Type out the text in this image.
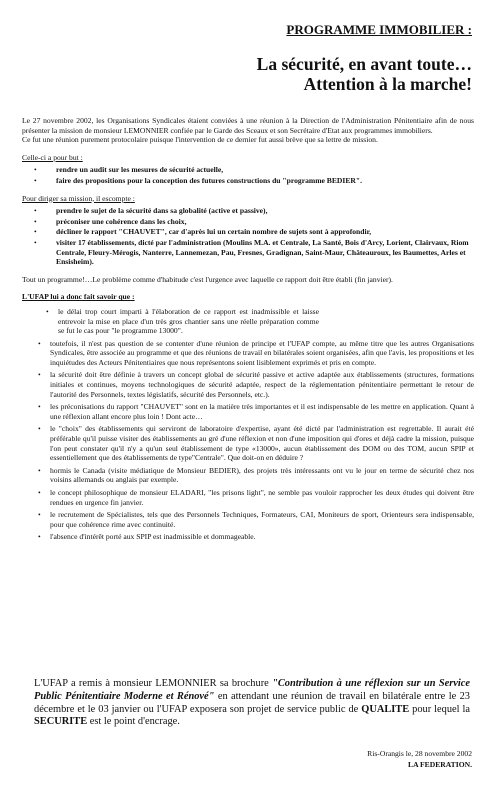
PROGRAMME IMMOBILIER :
La sécurité, en avant toute…
Attention à la marche!

Le 27 novembre 2002, les Organisations Syndicales étaient conviées à une réunion à la Direction de l'Administration Pénitentiaire afin de nous présenter la mission de monsieur LEMONNIER confiée par le Garde des Sceaux et son Secrétaire d'Etat aux programmes immobiliers.

Ce fut une réunion purement protocolaire puisque l'intervention de ce dernier fut aussi brève que sa lettre de mission.

Celle-ci a pour but :

• rendre un audit sur les mesures de sécurité actuelle,
• faire des propositions pour la conception des futures constructions du "programme BEDIER".

Pour diriger sa mission, il escompte :

• prendre le sujet de la sécurité dans sa globalité (active et passive),
• préconiser une cohérence dans les choix,
• décliner le rapport "CHAUVET", car d'après lui un certain nombre de sujets sont à approfondir,
• visiter 17 établissements, dicté par l'administration (Moulins M.A. et Centrale, La Santé, Bois d'Arcy, Lorient, Clairvaux, Riom Centrale, Fleury-Mérogis, Nanterre, Lannemezan, Pau, Fresnes, Gradignan, Saint-Maur, Châteauroux, les Baumettes, Arles et Ensisheim).

Tout un programme!…Le problème comme d'habitude c'est l'urgence avec laquelle ce rapport doit être établi (fin janvier).

L'UFAP lui a donc fait savoir que :

• le délai trop court imparti à l'élaboration de ce rapport est inadmissible et laisse entrevoir la mise en place d'un très gros chantier sans une réelle préparation comme se fut le cas pour "le programme 13000".
• toutefois, il n'est pas question de se contenter d'une réunion de principe et l'UFAP compte, au même titre que les autres Organisations Syndicales, être associée au programme et que des réunions de travail en bilatérales soient organisées, afin que l'avis, les propositions et les inquiétudes des Acteurs Pénitentiaires que nous représentons soient lisiblement exprimés et pris en compte.
• la sécurité doit être définie à travers un concept global de sécurité passive et active adaptée aux établissements (structures, formations initiales et continues, moyens technologiques de sécurité adaptée, respect de la réglementation pénitentiaire permettant le retour de l'autorité des Personnels, textes législatifs, sécurité des Personnels, etc.).
• les préconisations du rapport "CHAUVET" sont en la matière très importantes et il est indispensable de les mettre en application. Quant à une réflexion allant encore plus loin ! Dont acte…
• le "choix" des établissements qui serviront de laboratoire d'expertise, ayant été dicté par l'administration est regrettable. Il aurait été préférable qu'il puisse visiter des établissements au gré d'une réflexion et non d'une imposition qui d'ores et déjà cadre la mission, puisque l'on peut constater qu'il n'y a qu'un seul établissement de type «13000», aucun établissement des DOM ou des TOM, aucun SPIP et essentiellement que des établissements de type"Centrale". Que doit-on en déduire ?
• hormis le Canada (visite médiatique de Monsieur BEDIER), des projets très intéressants ont vu le jour en terme de sécurité chez nos voisins allemands ou anglais par exemple.
• le concept philosophique de monsieur ELADARI, "les prisons light", ne semble pas vouloir rapprocher les deux études qui doivent être rendues en urgence fin janvier.
• le recrutement de Spécialistes, tels que des Personnels Techniques, Formateurs, CAI, Moniteurs de sport, Orienteurs sera indispensable, pour que cohérence rime avec continuité.
• l'absence d'intérêt porté aux SPIP est inadmissible et dommageable.

L'UFAP a remis à monsieur LEMONNIER sa brochure "Contribution à une réflexion sur un Service Public Pénitentiaire Moderne et Rénové" en attendant une réunion de travail en bilatérale entre le 23 décembre et le 03 janvier ou l'UFAP exposera son projet de service public de QUALITE pour lequel la SECURITE est le point d'encrage.

Ris-Orangis le, 28 novembre 2002
LA FEDERATION.
